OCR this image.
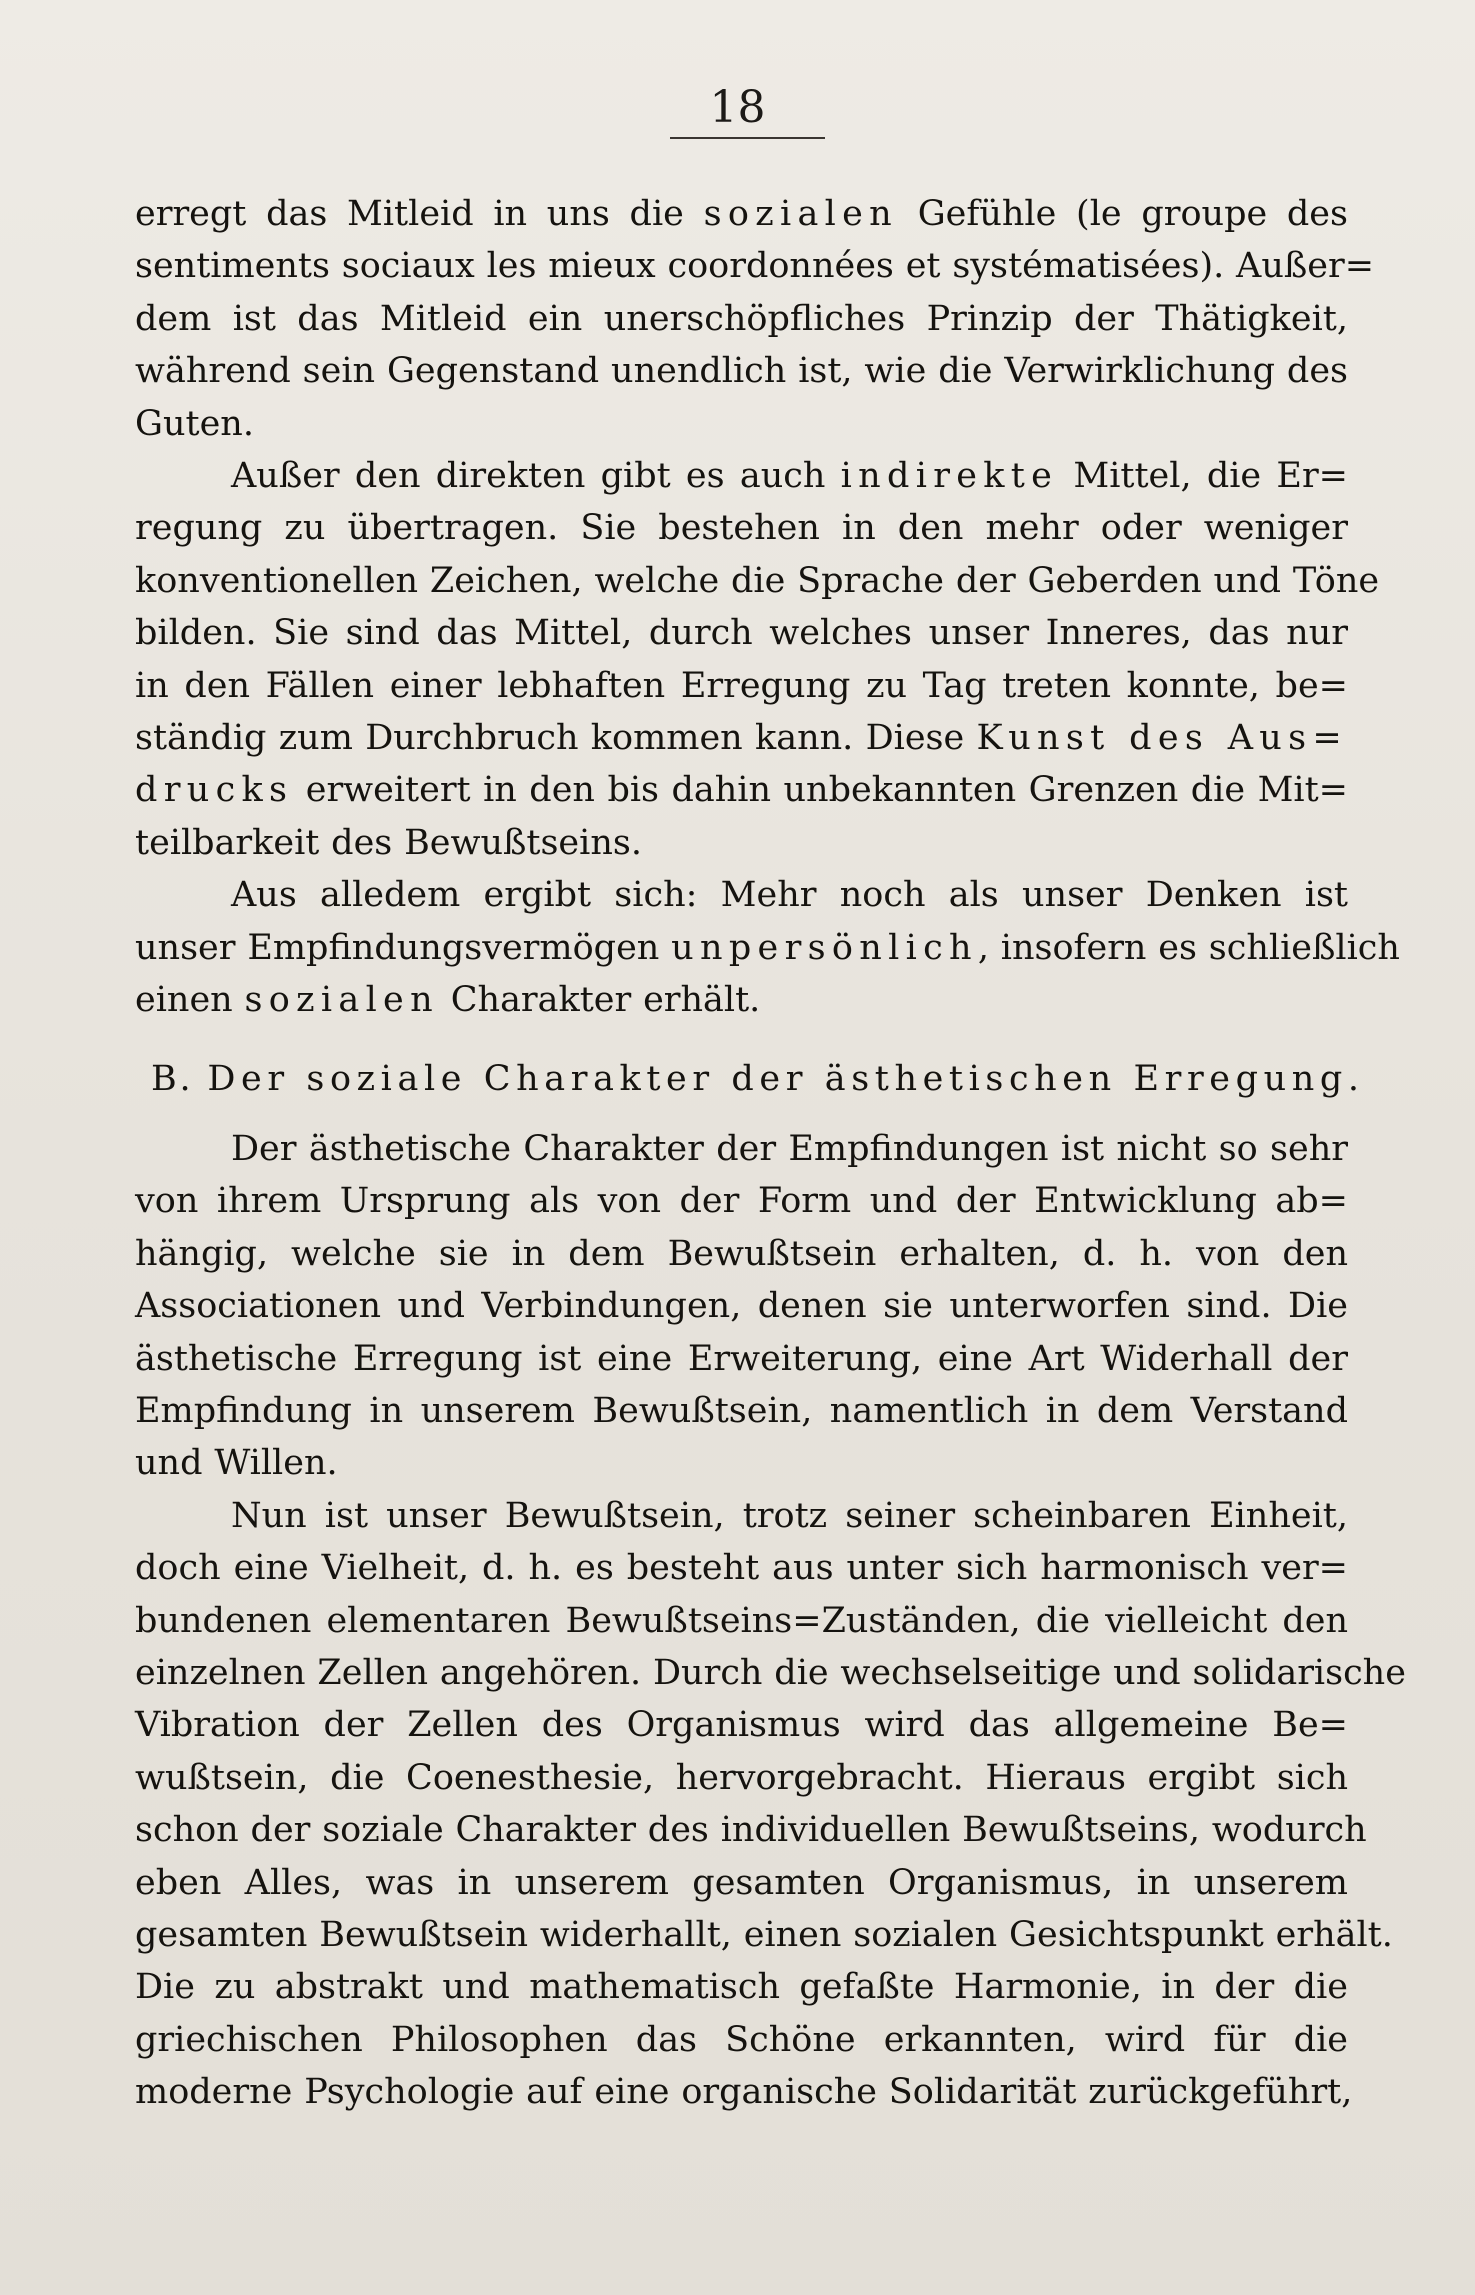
18

erregt das Mitleid in uns die sozialen Gefühle (le groupe des
sentiments sociaux les mieux coordonnées et systématisées). Außer=
dem ist das Mitleid ein unerschöpfliches Prinzip der Thätigkeit,
während sein Gegenstand unendlich ist, wie die Verwirklichung des
Guten.

Außer den direkten gibt es auch indirekte Mittel, die Er=
regung zu übertragen. Sie bestehen in den mehr oder weniger
konventionellen Zeichen, welche die Sprache der Geberden und Töne
bilden. Sie sind das Mittel, durch welches unser Inneres, das nur
in den Fällen einer lebhaften Erregung zu Tag treten konnte, be=
ständig zum Durchbruch kommen kann. Diese Kunst des Aus=
drucks erweitert in den bis dahin unbekannten Grenzen die Mit=
teilbarkeit des Bewußtseins.

Aus alledem ergibt sich: Mehr noch als unser Denken ist
unser Empfindungsvermögen unpersönlich, insofern es schließlich
einen sozialen Charakter erhält.

B. Der soziale Charakter der ästhetischen Erregung.

Der ästhetische Charakter der Empfindungen ist nicht so sehr
von ihrem Ursprung als von der Form und der Entwicklung ab=
hängig, welche sie in dem Bewußtsein erhalten, d. h. von den
Associationen und Verbindungen, denen sie unterworfen sind. Die
ästhetische Erregung ist eine Erweiterung, eine Art Widerhall der
Empfindung in unserem Bewußtsein, namentlich in dem Verstand
und Willen.

Nun ist unser Bewußtsein, trotz seiner scheinbaren Einheit,
doch eine Vielheit, d. h. es besteht aus unter sich harmonisch ver=
bundenen elementaren Bewußtseins=Zuständen, die vielleicht den
einzelnen Zellen angehören. Durch die wechselseitige und solidarische
Vibration der Zellen des Organismus wird das allgemeine Be=
wußtsein, die Coenesthesie, hervorgebracht. Hieraus ergibt sich
schon der soziale Charakter des individuellen Bewußtseins, wodurch
eben Alles, was in unserem gesamten Organismus, in unserem
gesamten Bewußtsein widerhallt, einen sozialen Gesichtspunkt erhält.
Die zu abstrakt und mathematisch gefaßte Harmonie, in der die
griechischen Philosophen das Schöne erkannten, wird für die
moderne Psychologie auf eine organische Solidarität zurückgeführt,
